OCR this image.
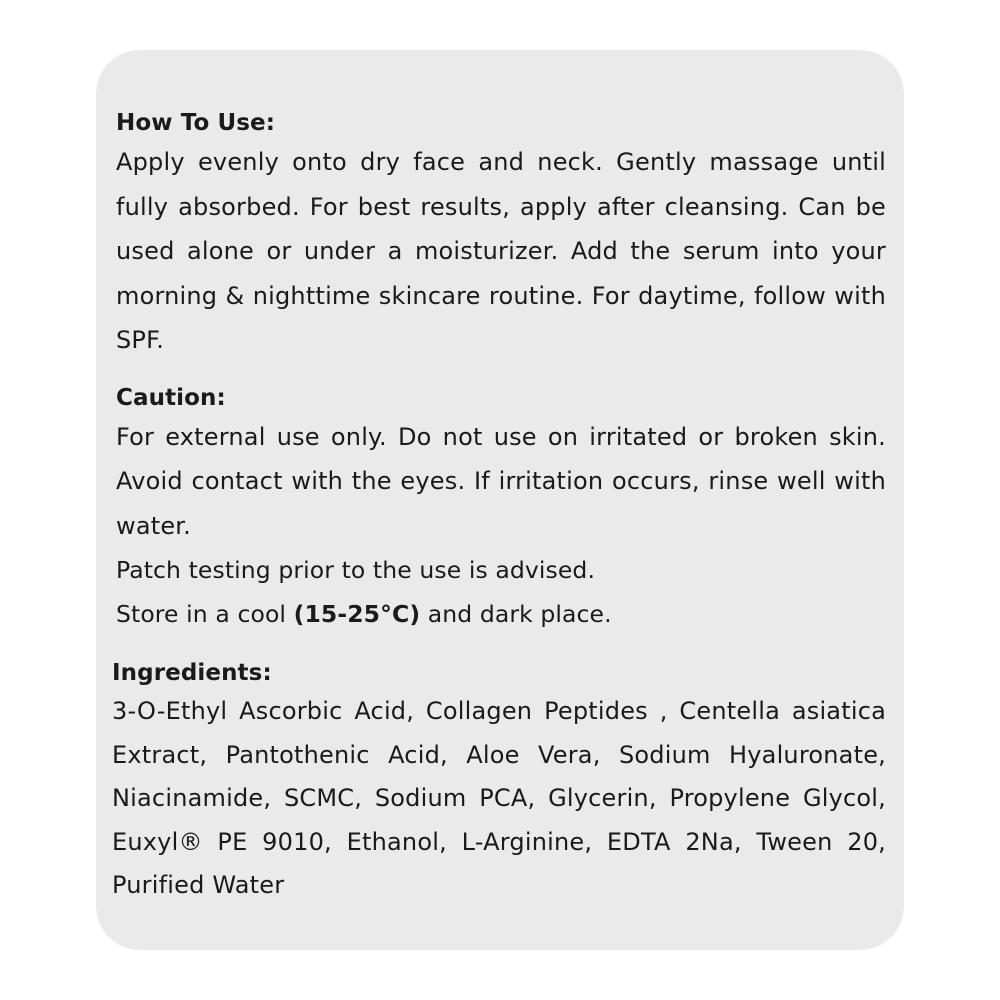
How To Use:

Apply evenly onto dry face and neck. Gently massage until fully absorbed. For best results, apply after cleansing. Can be used alone or under a moisturizer. Add the serum into your morning & nighttime skincare routine. For daytime, follow with SPF.

Caution:

For external use only. Do not use on irritated or broken skin. Avoid contact with the eyes. If irritation occurs, rinse well with water.

Patch testing prior to the use is advised.
Store in a cool (15-25°C) and dark place.
Ingredients:

3-O-Ethyl Ascorbic Acid, Collagen Peptides , Centella asiatica Extract, Pantothenic Acid, Aloe Vera, Sodium Hyaluronate, Niacinamide, SCMC, Sodium PCA, Glycerin, Propylene Glycol, Euxyl® PE 9010, Ethanol, L-Arginine, EDTA 2Na, Tween 20, Purified Water
